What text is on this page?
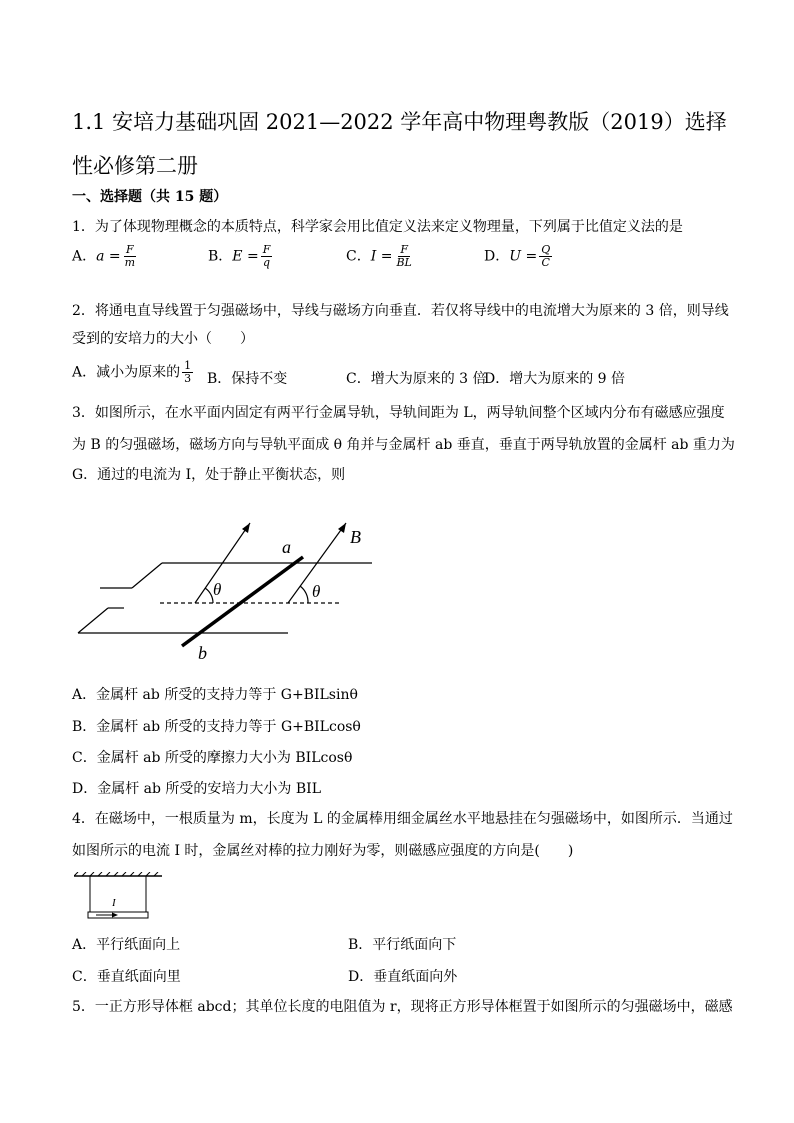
1.1 安培力基础巩固 2021—2022 学年高中物理粤教版（2019）选择性必修第二册
一、选择题（共 15 题）
1．为了体现物理概念的本质特点，科学家会用比值定义法来定义物理量，下列属于比值定义法的是
A．$a = \frac{F}{m}$	B．$E = \frac{F}{q}$	C．$I = \frac{F}{BL}$	D．$U = \frac{Q}{C}$
2．将通电直导线置于匀强磁场中，导线与磁场方向垂直．若仅将导线中的电流增大为原来的 3 倍，则导线
受到的安培力的大小（　　）
A．减小为原来的 $\frac{1}{3}$ B．保持不变	C．增大为原来的 3 倍
D．增大为原来的 9 倍
3．如图所示，在水平面内固定有两平行金属导轨，导轨间距为 L，两导轨间整个区域内分布有磁感应强度
为 B 的匀强磁场，磁场方向与导轨平面成 θ 角并与金属杆 ab 垂直，垂直于两导轨放置的金属杆 ab 重力为
G．通过的电流为 I，处于静止平衡状态，则
a
b
B
θ	θ
A．金属杆 ab 所受的支持力等于 G+BILsinθ
B．金属杆 ab 所受的支持力等于 G+BILcosθ
C．金属杆 ab 所受的摩擦力大小为 BILcosθ
D．金属杆 ab 所受的安培力大小为 BIL
4．在磁场中，一根质量为 m，长度为 L 的金属棒用细金属丝水平地悬挂在匀强磁场中，如图所示．当通过
如图所示的电流 I 时，金属丝对棒的拉力刚好为零，则磁感应强度的方向是(　　)
I
A．平行纸面向上	B．平行纸面向下
C．垂直纸面向里	D．垂直纸面向外
5．一正方形导体框 abcd；其单位长度的电阻值为 r，现将正方形导体框置于如图所示的匀强磁场中，磁感
